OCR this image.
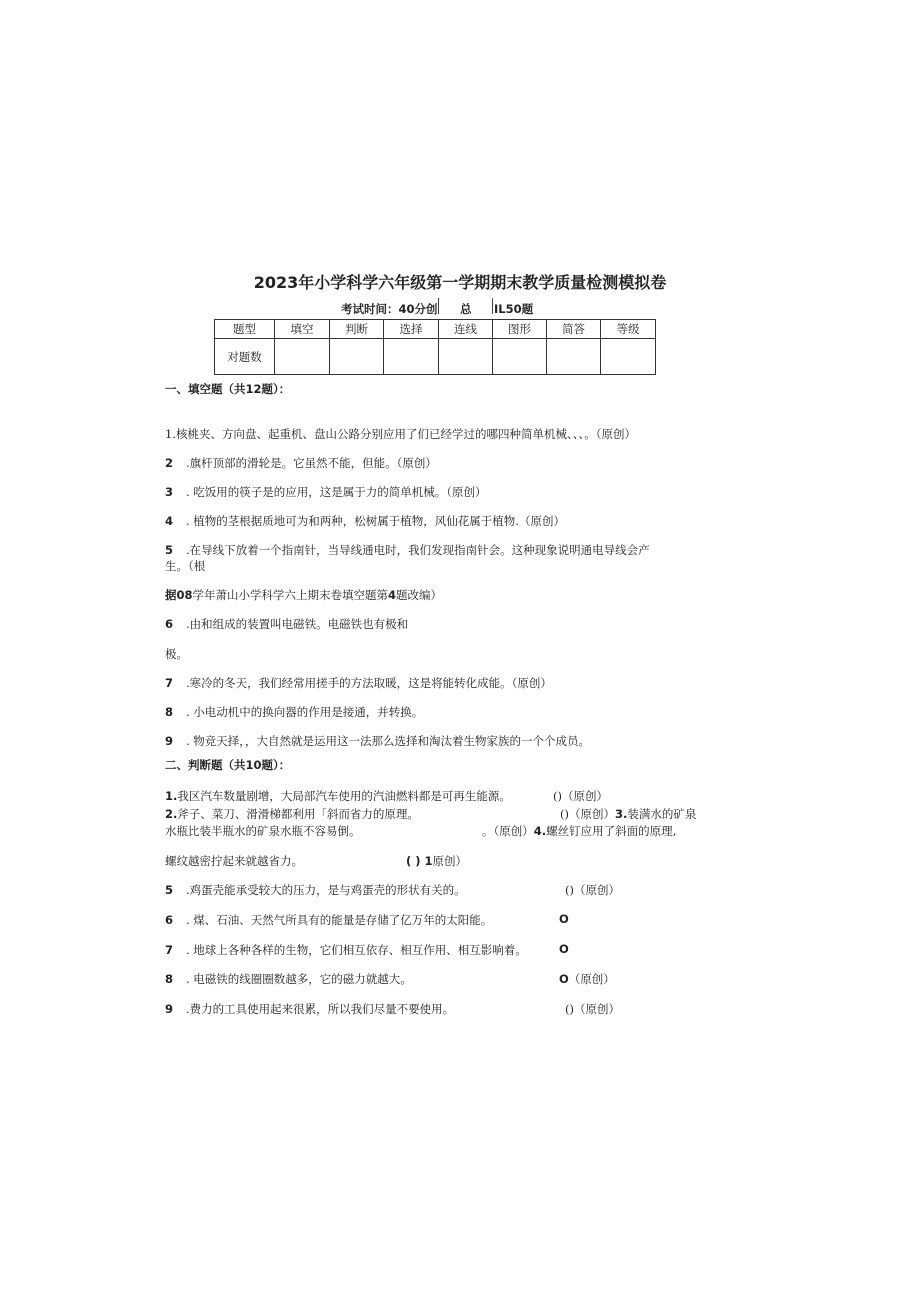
2023年小学科学六年级第一学期期末教学质量检测模拟卷
考试时间：40分创 总 IL50题
题型	填空	判断	选择	连线	图形	简答	等级
对题数							
一、填空题（共12题）：
1.核桃夹、方向盘、起重机、盘山公路分别应用了们已经学过的哪四种简单机械、、、。（原创）
2 .旗杆顶部的滑轮是。它虽然不能，但能。（原创）
3 . 吃饭用的筷子是的应用，这是属于力的简单机械。（原创）
4 . 植物的茎根据质地可为和两种，松树属于植物，风仙花属于植物.（原创）
5 .在导线下放着一个指南针，当导线通电时，我们发现指南针会。这种现象说明通电导线会产
生。（根
据08学年萧山小学科学六上期末卷填空题第4题改编）
6 .由和组成的装置叫电磁铁。电磁铁也有极和
极。
7 .寒冷的冬天，我们经常用搓手的方法取暖，这是将能转化成能。（原创）
8 . 小电动机中的换向器的作用是接通，并转换。
9 . 物竞天择，，大自然就是运用这一法那么选择和淘汰着生物家族的一个个成员。
二、判断题（共10题）：
1.我区汽车数量剧增，大局部汽车使用的汽油燃料都是可再生能源。	()（原创）
2.斧子、菜刀、滑滑梯都利用「斜而省力的原理。	()（原创）3.装满水的矿泉
水瓶比装半瓶水的矿泉水瓶不容易倒。	。（原创）4.螺丝钉应用了斜面的原理,
螺纹越密拧起来就越省力。	( ) 1原创）
5 .鸡蛋壳能承受较大的压力，是与鸡蛋壳的形状有关的。	()（原创）
6 . 煤、石油、天然气所具有的能量是存储了亿万年的太阳能。	O
7 . 地球上各种各样的生物，它们相互依存、相互作用、相互影响着。	O
8 . 电磁铁的线圈圈数越多，它的磁力就越大。	O（原创）
9 .费力的工具使用起来很累，所以我们尽量不要使用。	()（原创）
